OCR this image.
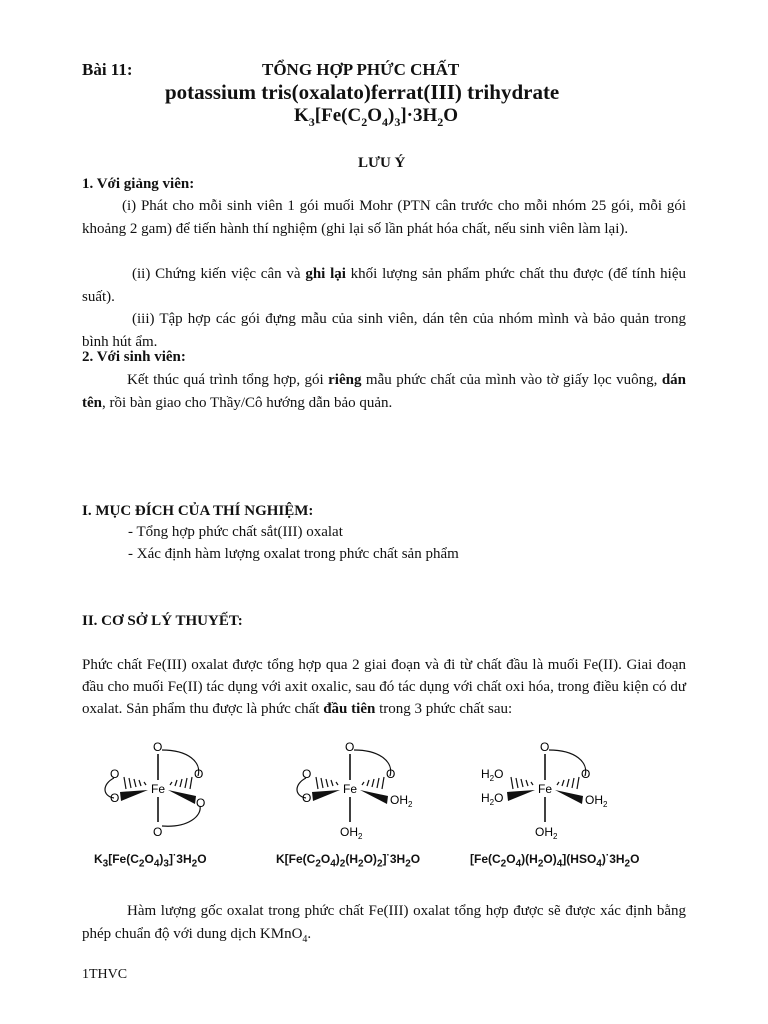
Bài 11:	TỔNG HỢP PHỨC CHẤT
potassium tris(oxalato)ferrat(III) trihydrate
$K_3[Fe(C_2O_4)_3]\cdot 3H_2O$
LƯU Ý
1. Với giảng viên:
(i) Phát cho mỗi sinh viên 1 gói muối Mohr (PTN cân trước cho mỗi nhóm 25 gói, mỗi gói khoảng 2 gam) để tiến hành thí nghiệm (ghi lại số lần phát hóa chất, nếu sinh viên làm lại).
(ii) Chứng kiến việc cân và ghi lại khối lượng sản phẩm phức chất thu được (để tính hiệu suất).
(iii) Tập hợp các gói đựng mẫu của sinh viên, dán tên của nhóm mình và bảo quản trong bình hút ẩm.
2. Với sinh viên:
Kết thúc quá trình tổng hợp, gói riêng mẫu phức chất của mình vào tờ giấy lọc vuông, dán tên, rồi bàn giao cho Thầy/Cô hướng dẫn bảo quản.
I. MỤC ĐÍCH CỦA THÍ NGHIỆM:
- Tổng hợp phức chất sắt(III) oxalat
- Xác định hàm lượng oxalat trong phức chất sản phẩm
II. CƠ SỞ LÝ THUYẾT:
Phức chất Fe(III) oxalat được tổng hợp qua 2 giai đoạn và đi từ chất đầu là muối Fe(II). Giai đoạn đầu cho muối Fe(II) tác dụng với axit oxalic, sau đó tác dụng với chất oxi hóa, trong điều kiện có dư oxalat. Sản phẩm thu được là phức chất đầu tiên trong 3 phức chất sau:
Fe
O
O
O
O
O
O
Fe
O
O
O
O
$OH_2$
$OH_2$
Fe
O
O
$H_2O$
$H_2O$	$OH_2$
$OH_2$
$K_3[Fe(C_2O_4)_3]^\cdot 3H_2O$	$K[Fe(C_2O_4)_2(H_2O)_2]^\cdot 3H_2O$	$[Fe(C_2O_4)(H_2O)_4](HSO_4)^\cdot 3H_2O$
Hàm lượng gốc oxalat trong phức chất Fe(III) oxalat tổng hợp được sẽ được xác định bằng phép chuẩn độ với dung dịch KMnO$_4$.
1THVC
